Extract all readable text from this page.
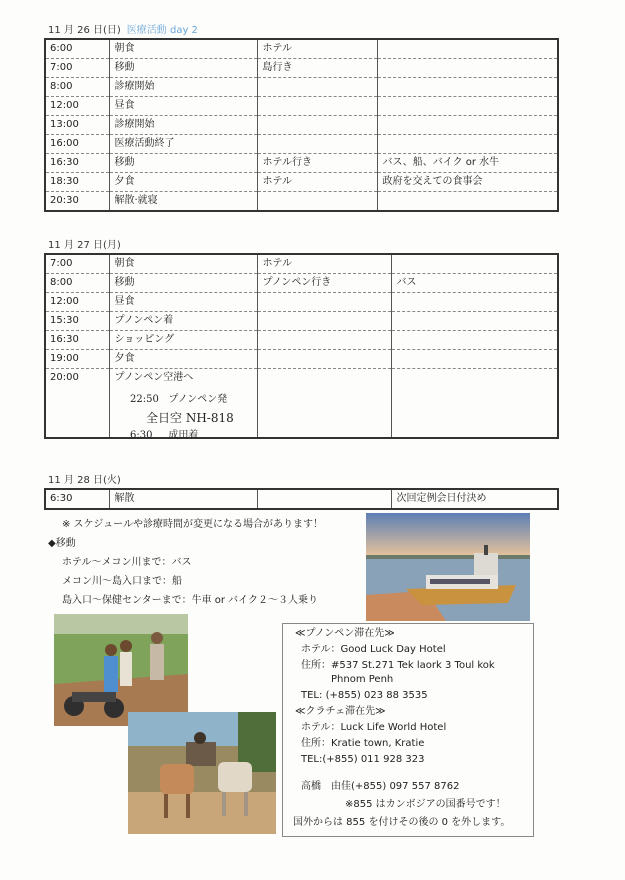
11 月 26 日(日) 医療活動 day 2
6:00	朝食	ホテル	
7:00	移動	島行き	
8:00	診療開始		
12:00	昼食		
13:00	診療開始		
16:00	医療活動終了		
16:30	移動	ホテル行き	バス、船、バイク or 水牛
18:30	夕食	ホテル	政府を交えての食事会
20:30	解散·就寝		
11 月 27 日(月)
7:00	朝食	ホテル	
8:00	移動	プノンペン行き	バス
12:00	昼食		
15:30	プノンペン着		
16:30	ショッピング		
19:00	夕食		
20:00	プノンペン空港へ		
22:50 プノンペン発
全日空 NH-818
6:30 成田着
11 月 28 日(火)
6:30	解散		次回定例会日付決め
※ スケジュールや診療時間が変更になる場合があります！
◆移動
ホテル～メコン川まで：バス
メコン川～島入口まで：船
島入口～保健センターまで：牛車 or バイク２～３人乗り
≪プノンペン滞在先≫
ホテル：Good Luck Day Hotel
住所：#537 St.271 Tek laork 3 Toul kok
Phnom Penh
TEL: (+855) 023 88 3535
≪クラチェ滞在先≫
ホテル：Luck Life World Hotel
住所：Kratie town, Kratie
TEL:(+855) 011 928 323
高橋　由佳(+855) 097 557 8762
※855 はカンボジアの国番号です！
国外からは 855 を付けその後の 0 を外します。
